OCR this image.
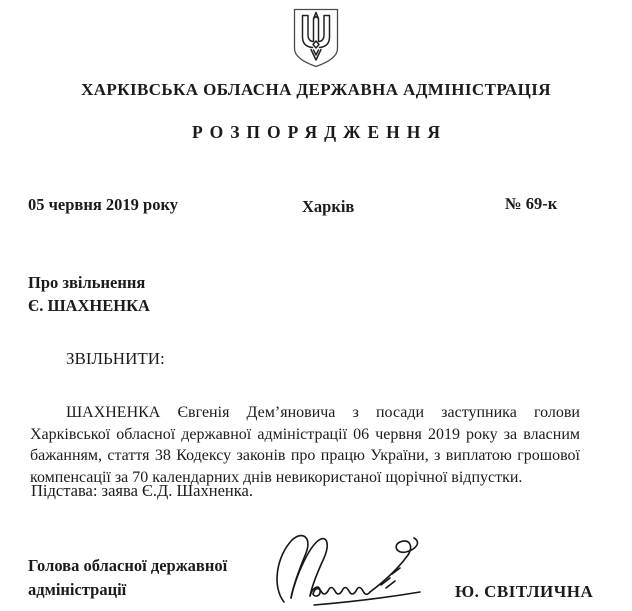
ХАРКІВСЬКА ОБЛАСНА ДЕРЖАВНА АДМІНІСТРАЦІЯ
РОЗПОРЯДЖЕННЯ
05 червня 2019 року	Харків	№ 69-к
Про звільнення
Є. ШАХНЕНКА
ЗВІЛЬНИТИ:

ШАХНЕНКА Євгенія Дем’яновича з посади заступника голови Харківської обласної державної адміністрації 06 червня 2019 року за власним бажанням, стаття 38 Кодексу законів про працю України, з виплатою грошової компенсації за 70 календарних днів невикористаної щорічної відпустки.

Підстава: заява Є.Д. Шахненка.
Голова обласної державної
адміністрації	Ю. СВІТЛИЧНА
